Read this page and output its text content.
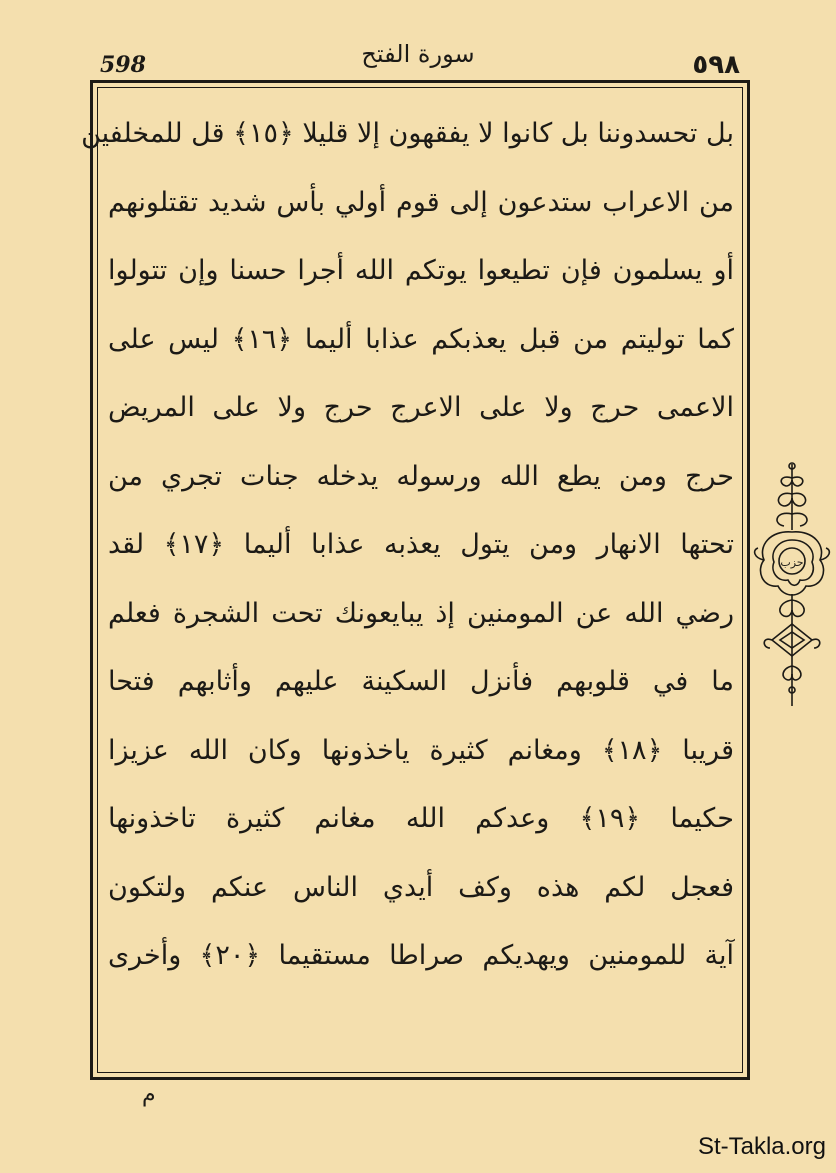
598	سورة الفتح	٥٩٨
بل تحسدوننا بل كانوا لا يفقهون إلا قليلا ﴿١٥﴾ قل للمخلفين
من الاعراب ستدعون إلى قوم أولي بأس شديد تقتلونهم
أو يسلمون فإن تطيعوا يوتكم الله أجرا حسنا وإن تتولوا
كما توليتم من قبل يعذبكم عذابا أليما ﴿١٦﴾ ليس على
الاعمى حرج ولا على الاعرج حرج ولا على المريض
حرج ومن يطع الله ورسوله يدخله جنات تجري من
تحتها الانهار ومن يتول يعذبه عذابا أليما ﴿١٧﴾ لقد
رضي الله عن المومنين إذ يبايعونك تحت الشجرة فعلم
ما في قلوبهم فأنزل السكينة عليهم وأثابهم فتحا
قريبا ﴿١٨﴾ ومغانم كثيرة ياخذونها وكان الله عزيزا
حكيما ﴿١٩﴾ وعدكم الله مغانم كثيرة تاخذونها
فعجل لكم هذه وكف أيدي الناس عنكم ولتكون
آية للمومنين ويهديكم صراطا مستقيما ﴿٢٠﴾ وأخرى
حزب
م
St-Takla.org
